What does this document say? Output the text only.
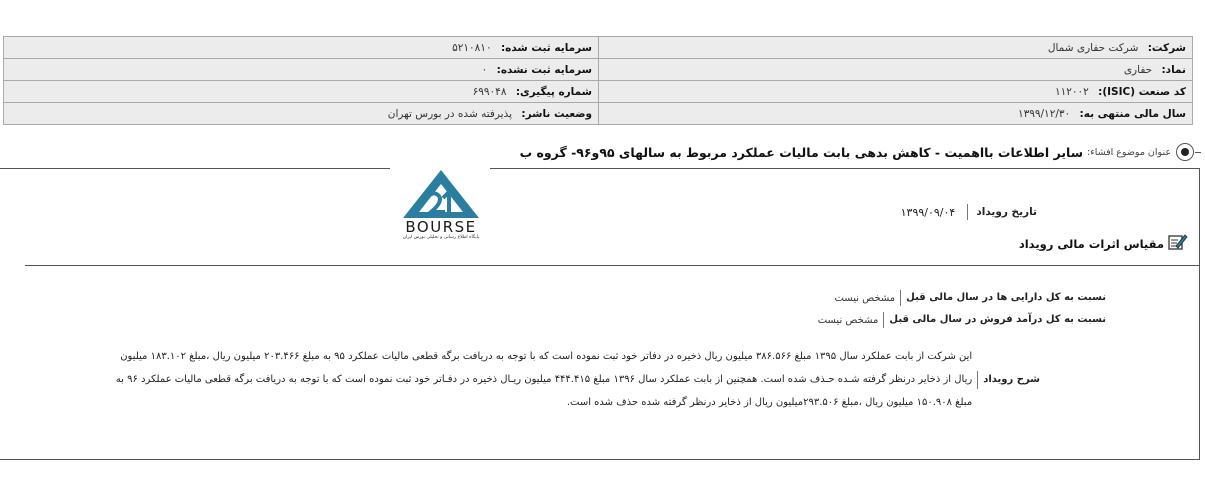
شرکت: شرکت حفاری شمال	سرمایه ثبت شده: ۵۲۱۰۸۱۰
نماد: حفاری	سرمایه ثبت نشده: ۰
کد صنعت (ISIC): ۱۱۲۰۰۲	شماره پیگیری: ۶۹۹۰۴۸
سال مالی منتهی به: ۱۳۹۹/۱۲/۳۰	وضعیت ناشر: پذیرفته شده در بورس تهران
عنوان موضوع افشاء:
سایر اطلاعات بااهمیت - کاهش بدهی بابت مالیات عملکرد مربوط به سالهای ۹۵و۹۶- گروه ب
BOURSE
پایگاه اطلاع رسانی و تحلیلی بورس ایران
تاریخ رویداد
۱۳۹۹/۰۹/۰۴
مقیاس اثرات مالی رویداد
نسبت به کل دارایی ها در سال مالی قبل
مشخص نیست
نسبت به کل درآمد فروش در سال مالی قبل
مشخص نیست
شرح رویداد
این شرکت از بابت عملکرد سال ۱۳۹۵ مبلغ ۳۸۶.۵۶۶ میلیون ریال ذخیره در دفاتر خود ثبت نموده است که با توجه به دریافت برگه قطعی مالیات عملکرد ۹۵ به مبلغ ۲۰۳.۴۶۶ میلیون ریال ،مبلغ ۱۸۳.۱۰۲ میلیون ریال از ذخایر درنظر گرفته شـده حـذف شده است. همچنین از بابت عملکرد سال ۱۳۹۶ مبلغ ۴۴۴.۴۱۵ میلیون ریـال ذخیره در دفـاتر خود ثبت نموده است که با توجه به دریافت برگه قطعی مالیات عملکرد ۹۶ به مبلغ ۱۵۰.۹۰۸ میلیون ریال ،مبلغ ۲۹۳.۵۰۶میلیون ریال از ذخایر درنظر گرفته شده حذف شده است.
